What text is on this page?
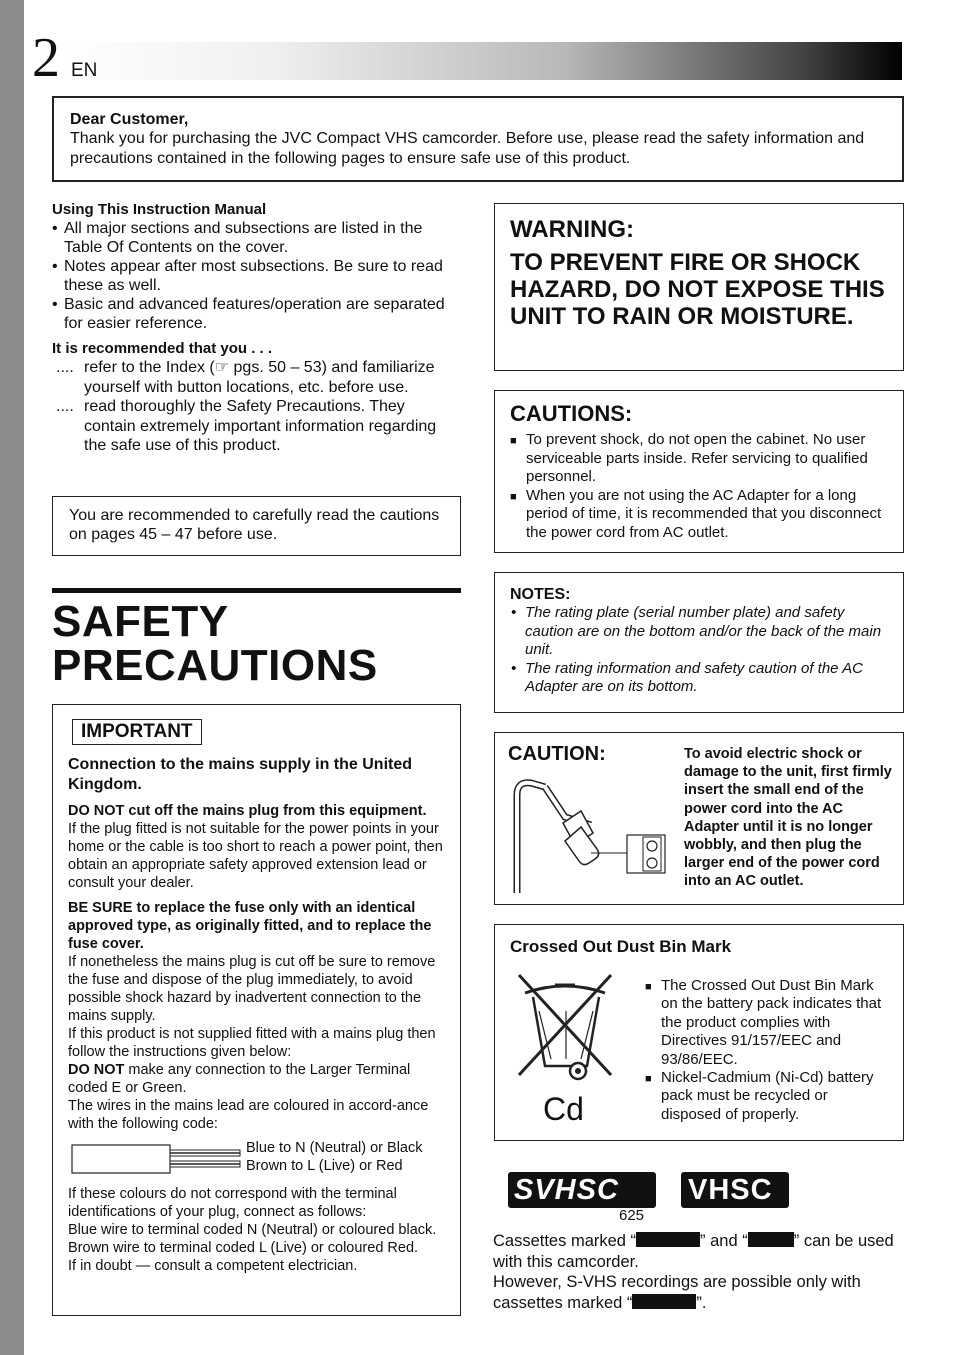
2 EN
Dear Customer,
Thank you for purchasing the JVC Compact VHS camcorder. Before use, please read the safety information and precautions contained in the following pages to ensure safe use of this product.
Using This Instruction Manual
• All major sections and subsections are listed in the Table Of Contents on the cover.
• Notes appear after most subsections. Be sure to read these as well.
• Basic and advanced features/operation are separated for easier reference.
It is recommended that you . . .
.... refer to the Index (☞ pgs. 50 – 53) and familiarize yourself with button locations, etc. before use.
.... read thoroughly the Safety Precautions. They contain extremely important information regarding the safe use of this product.
You are recommended to carefully read the cautions on pages 45 – 47 before use.
SAFETY
PRECAUTIONS
IMPORTANT
Connection to the mains supply in the United Kingdom.
DO NOT cut off the mains plug from this equipment.
If the plug fitted is not suitable for the power points in your home or the cable is too short to reach a power point, then obtain an appropriate safety approved extension lead or consult your dealer.
BE SURE to replace the fuse only with an identical approved type, as originally fitted, and to replace the fuse cover.
If nonetheless the mains plug is cut off be sure to remove the fuse and dispose of the plug immediately, to avoid possible shock hazard by inadvertent connection to the mains supply.
If this product is not supplied fitted with a mains plug then follow the instructions given below:
DO NOT make any connection to the Larger Terminal coded E or Green.
The wires in the mains lead are coloured in accord-ance with the following code:
Blue to N (Neutral) or Black
Brown to L (Live) or Red
If these colours do not correspond with the terminal identifications of your plug, connect as follows:
Blue wire to terminal coded N (Neutral) or coloured black.
Brown wire to terminal coded L (Live) or coloured Red.
If in doubt — consult a competent electrician.
WARNING:
TO PREVENT FIRE OR SHOCK HAZARD, DO NOT EXPOSE THIS UNIT TO RAIN OR MOISTURE.
CAUTIONS:
■ To prevent shock, do not open the cabinet. No user serviceable parts inside. Refer servicing to qualified personnel.
■ When you are not using the AC Adapter for a long period of time, it is recommended that you disconnect the power cord from AC outlet.
NOTES:
• The rating plate (serial number plate) and safety caution are on the bottom and/or the back of the main unit.
• The rating information and safety caution of the AC Adapter are on its bottom.
CAUTION:	To avoid electric shock or damage to the unit, first firmly insert the small end of the power cord into the AC Adapter until it is no longer wobbly, and then plug the larger end of the power cord into an AC outlet.
Crossed Out Dust Bin Mark
Cd
■ The Crossed Out Dust Bin Mark on the battery pack indicates that the product complies with Directives 91/157/EEC and 93/86/EEC.
■ Nickel-Cadmium (Ni-Cd) battery pack must be recycled or disposed of properly.
SVHSC
625
VHSC
Cassettes marked “	” and “	” can be used with this camcorder.
However, S-VHS recordings are possible only with cassettes marked “	”.
